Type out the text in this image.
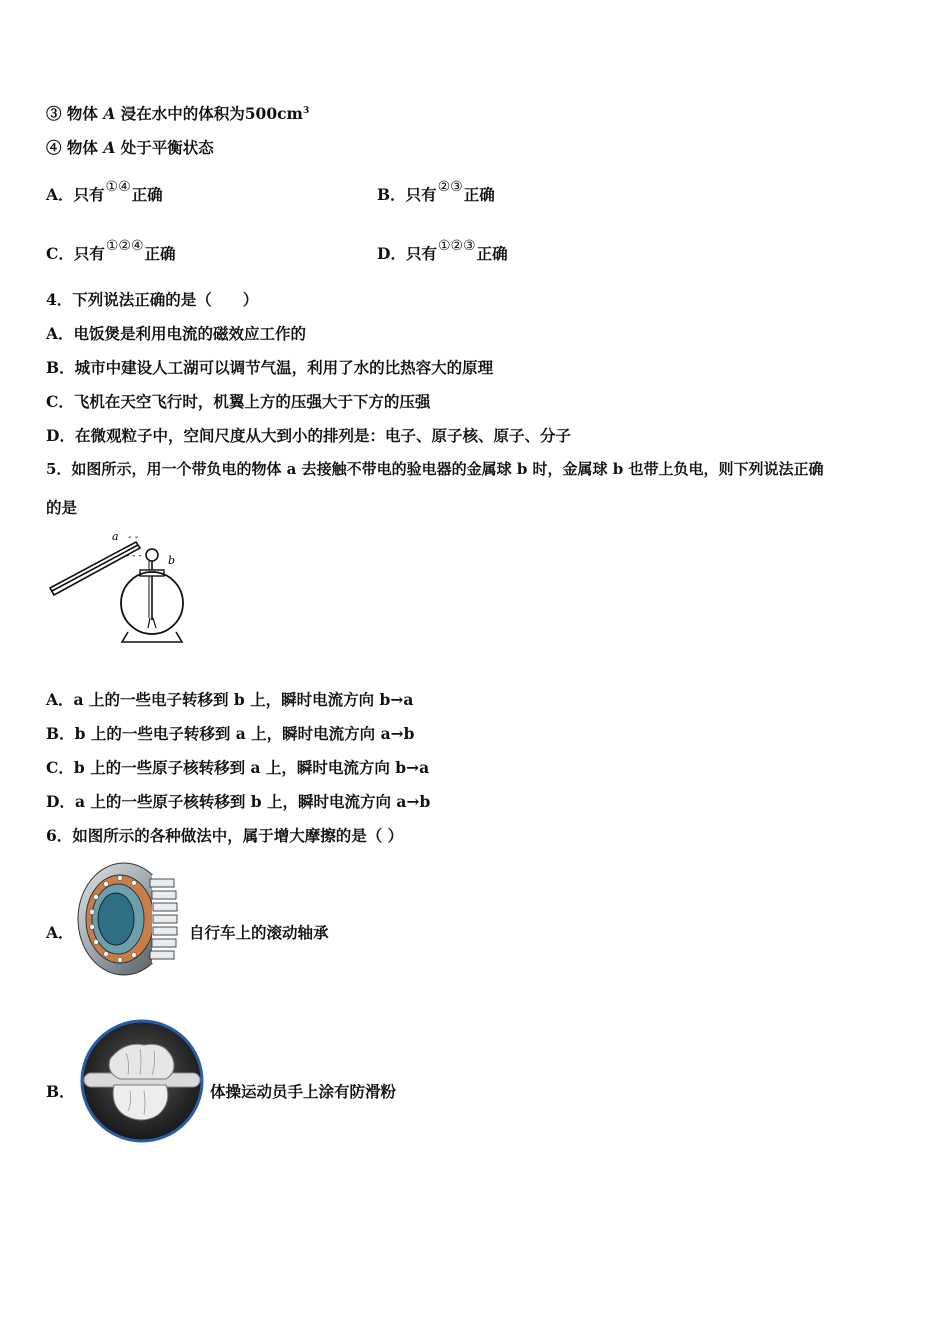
③ 物体 A 浸在水中的体积为$500cm^3$
④ 物体 A 处于平衡状态
A．只有①④正确	B．只有②③正确
C．只有①②④正确	D．只有①②③正确
4．下列说法正确的是（　　）
A．电饭煲是利用电流的磁效应工作的
B．城市中建设人工湖可以调节气温，利用了水的比热容大的原理
C．飞机在天空飞行时，机翼上方的压强大于下方的压强
D．在微观粒子中，空间尺度从大到小的排列是：电子、原子核、原子、分子
5．如图所示，用一个带负电的物体 a 去接触不带电的验电器的金属球 b 时，金属球 b 也带上负电，则下列说法正确
的是
a - -
- - - b
A．a 上的一些电子转移到 b 上，瞬时电流方向 b→a
B．b 上的一些电子转移到 a 上，瞬时电流方向 a→b
C．b 上的一些原子核转移到 a 上，瞬时电流方向 b→a
D．a 上的一些原子核转移到 b 上，瞬时电流方向 a→b
6．如图所示的各种做法中，属于增大摩擦的是（ ）
A．	自行车上的滚动轴承
B．	体操运动员手上涂有防滑粉
